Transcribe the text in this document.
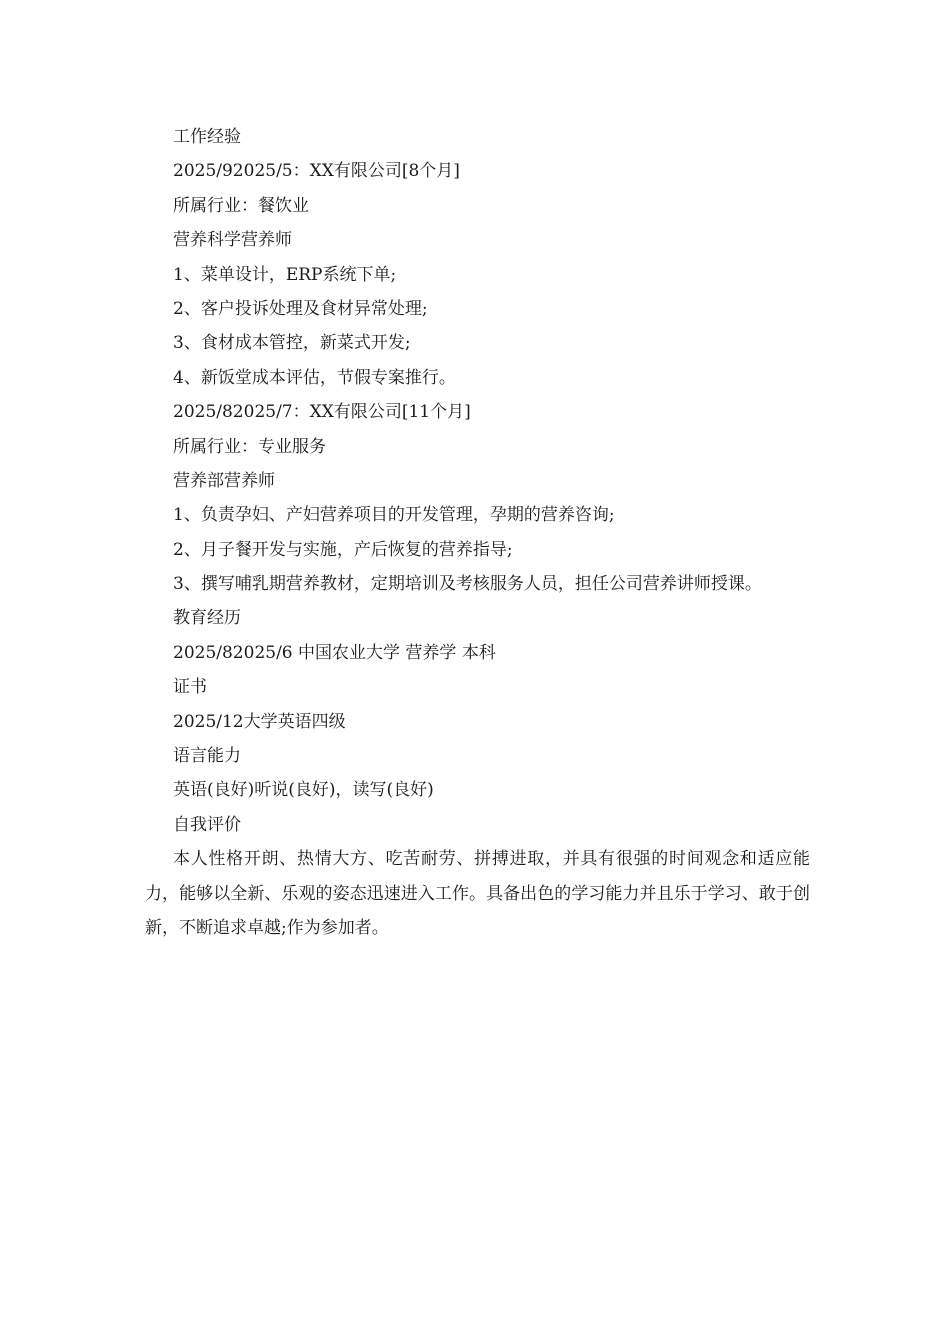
工作经验
2025/92025/5：XX有限公司[8个月]
所属行业：餐饮业
营养科学营养师
1、菜单设计，ERP系统下单;
2、客户投诉处理及食材异常处理;
3、食材成本管控，新菜式开发;
4、新饭堂成本评估，节假专案推行。
2025/82025/7：XX有限公司[11个月]
所属行业：专业服务
营养部营养师
1、负责孕妇、产妇营养项目的开发管理，孕期的营养咨询;
2、月子餐开发与实施，产后恢复的营养指导;

3、撰写哺乳期营养教材，定期培训及考核服务人员，担任公司营养讲师授课。

教育经历
2025/82025/6 中国农业大学 营养学 本科
证书
2025/12大学英语四级
语言能力
英语(良好)听说(良好)，读写(良好)
自我评价

本人性格开朗、热情大方、吃苦耐劳、拼搏进取，并具有很强的时间观念和适应能力，能够以全新、乐观的姿态迅速进入工作。具备出色的学习能力并且乐于学习、敢于创新，不断追求卓越;作为参加者。
